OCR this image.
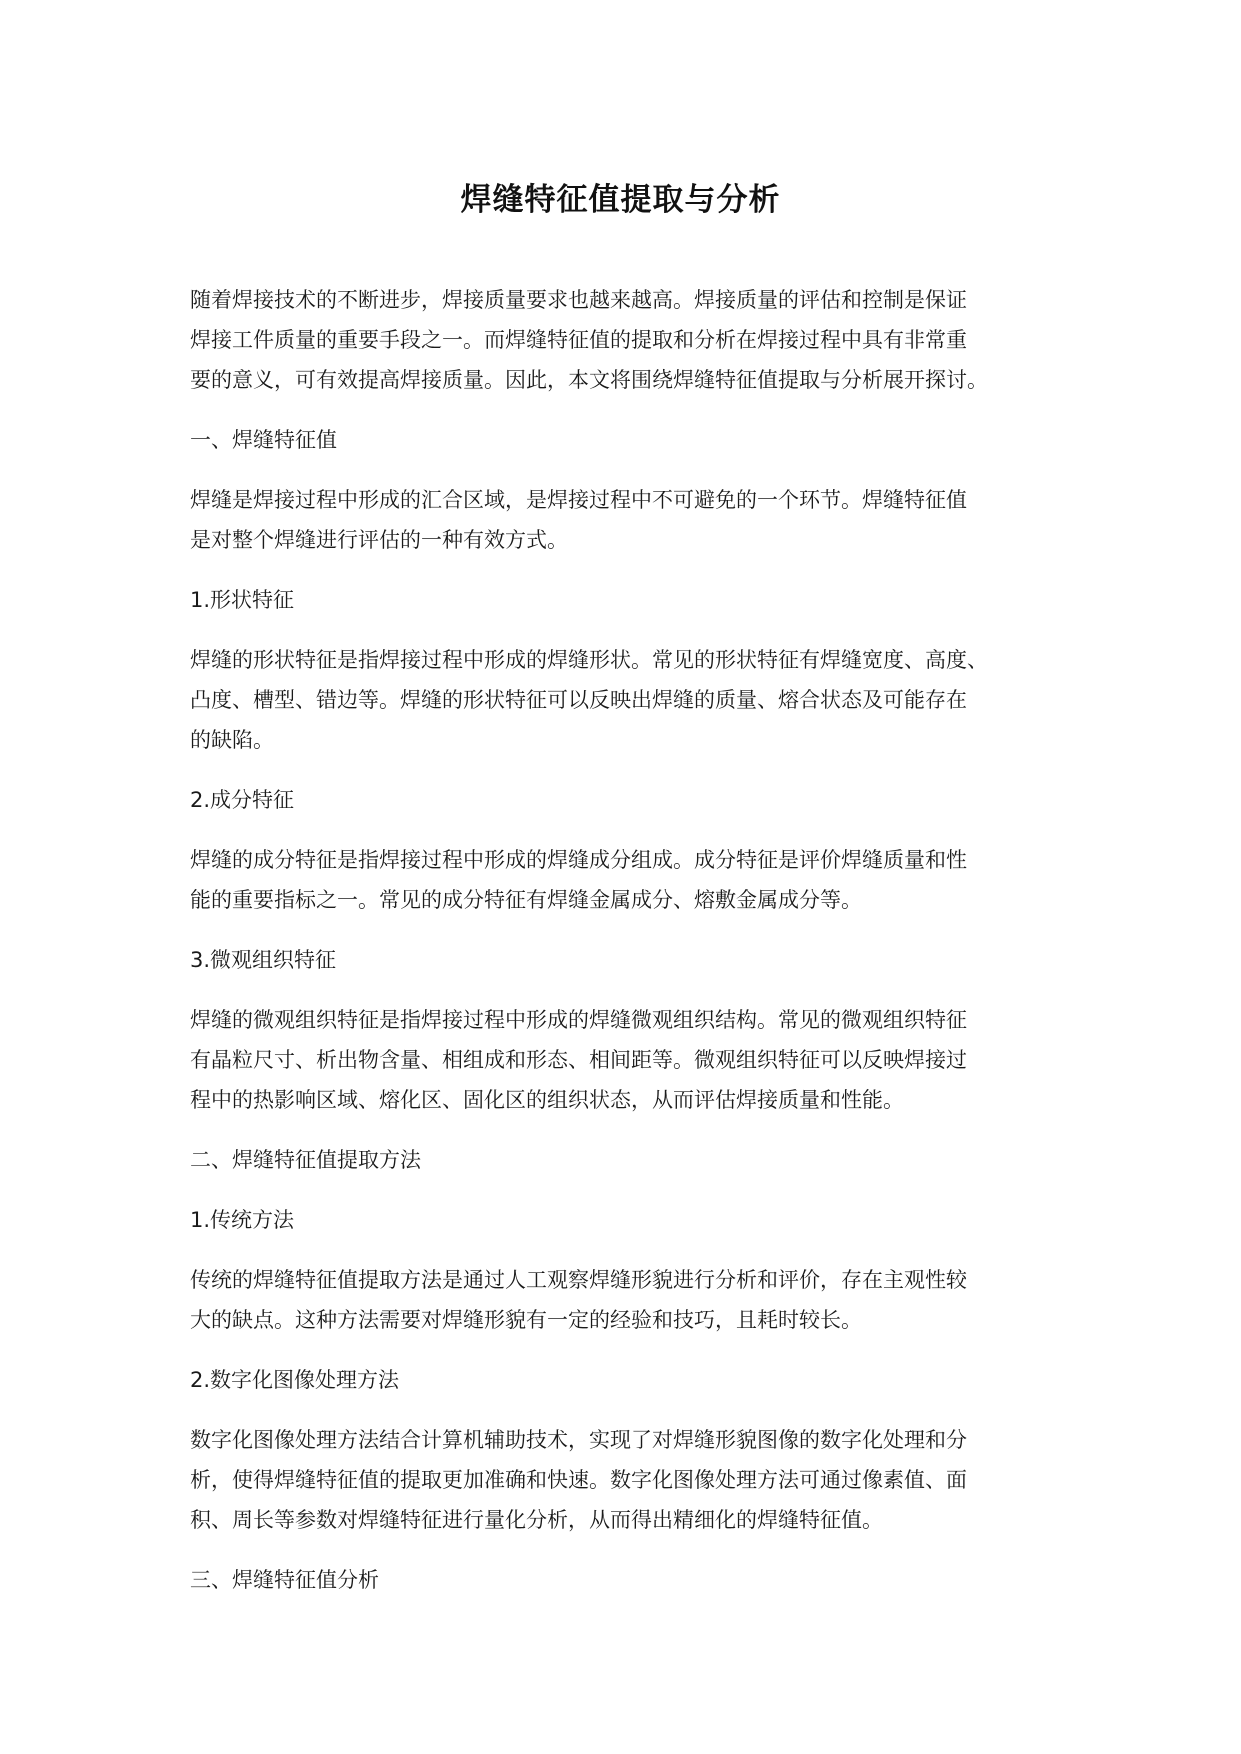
焊缝特征值提取与分析
随着焊接技术的不断进步，焊接质量要求也越来越高。焊接质量的评估和控制是保证
焊接工件质量的重要手段之一。而焊缝特征值的提取和分析在焊接过程中具有非常重
要的意义，可有效提高焊接质量。因此，本文将围绕焊缝特征值提取与分析展开探讨。
一、焊缝特征值
焊缝是焊接过程中形成的汇合区域，是焊接过程中不可避免的一个环节。焊缝特征值
是对整个焊缝进行评估的一种有效方式。
1.形状特征
焊缝的形状特征是指焊接过程中形成的焊缝形状。常见的形状特征有焊缝宽度、高度、
凸度、槽型、错边等。焊缝的形状特征可以反映出焊缝的质量、熔合状态及可能存在
的缺陷。
2.成分特征
焊缝的成分特征是指焊接过程中形成的焊缝成分组成。成分特征是评价焊缝质量和性
能的重要指标之一。常见的成分特征有焊缝金属成分、熔敷金属成分等。
3.微观组织特征
焊缝的微观组织特征是指焊接过程中形成的焊缝微观组织结构。常见的微观组织特征
有晶粒尺寸、析出物含量、相组成和形态、相间距等。微观组织特征可以反映焊接过
程中的热影响区域、熔化区、固化区的组织状态，从而评估焊接质量和性能。
二、焊缝特征值提取方法
1.传统方法
传统的焊缝特征值提取方法是通过人工观察焊缝形貌进行分析和评价，存在主观性较
大的缺点。这种方法需要对焊缝形貌有一定的经验和技巧，且耗时较长。
2.数字化图像处理方法
数字化图像处理方法结合计算机辅助技术，实现了对焊缝形貌图像的数字化处理和分
析，使得焊缝特征值的提取更加准确和快速。数字化图像处理方法可通过像素值、面
积、周长等参数对焊缝特征进行量化分析，从而得出精细化的焊缝特征值。
三、焊缝特征值分析
